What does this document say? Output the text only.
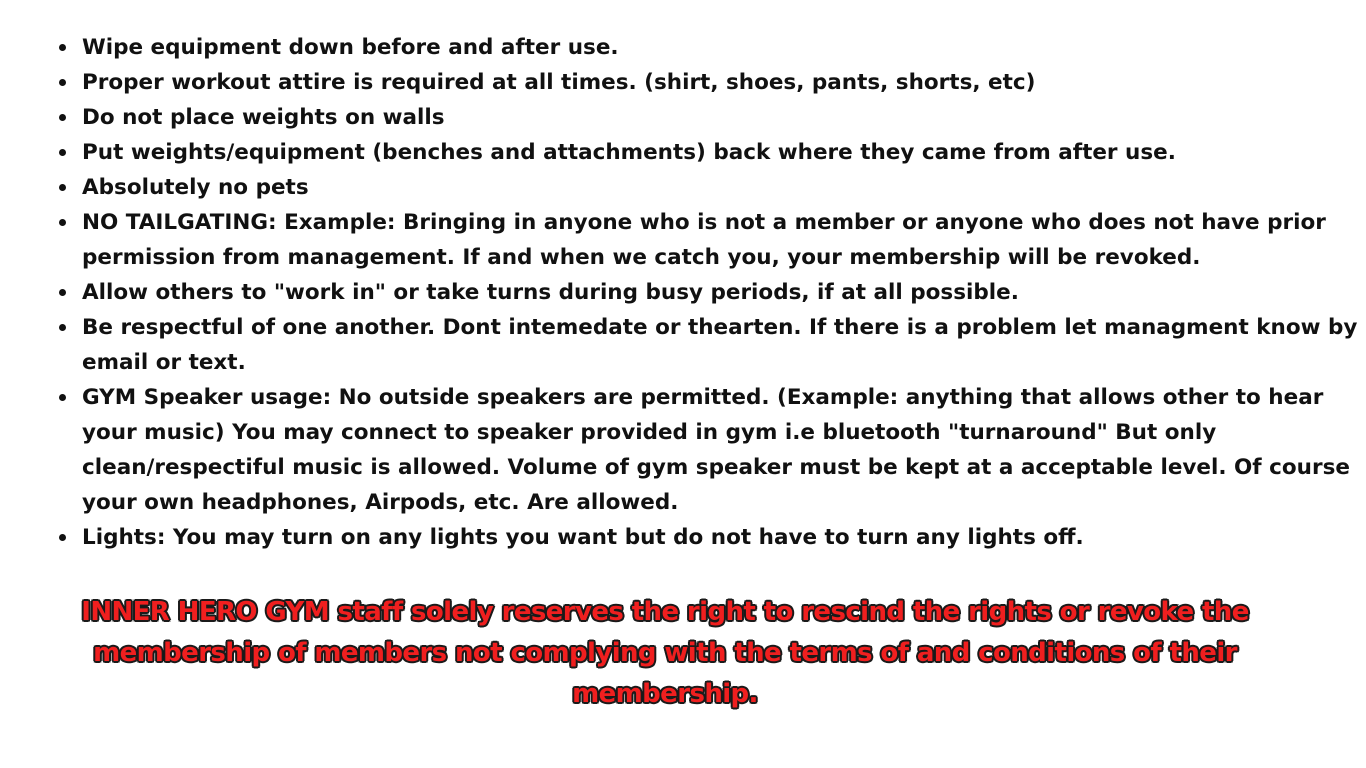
Wipe equipment down before and after use.
Proper workout attire is required at all times. (shirt, shoes, pants, shorts, etc)
Do not place weights on walls
Put weights/equipment (benches and attachments) back where they came from after use.
Absolutely no pets
NO TAILGATING: Example: Bringing in anyone who is not a member or anyone who does not have prior permission from management. If and when we catch you, your membership will be revoked.
Allow others to "work in" or take turns during busy periods, if at all possible.
Be respectful of one another. Dont intemedate or thearten. If there is a problem let managment know by email or text.
GYM Speaker usage: No outside speakers are permitted. (Example: anything that allows other to hear your music) You may connect to speaker provided in gym i.e bluetooth "turnaround" But only clean/respectiful music is allowed. Volume of gym speaker must be kept at a acceptable level. Of course your own headphones, Airpods, etc. Are allowed.
Lights: You may turn on any lights you want but do not have to turn any lights off.

INNER HERO GYM staff solely reserves the right to rescind the rights or revoke the membership of members not complying with the terms of and conditions of their membership.
